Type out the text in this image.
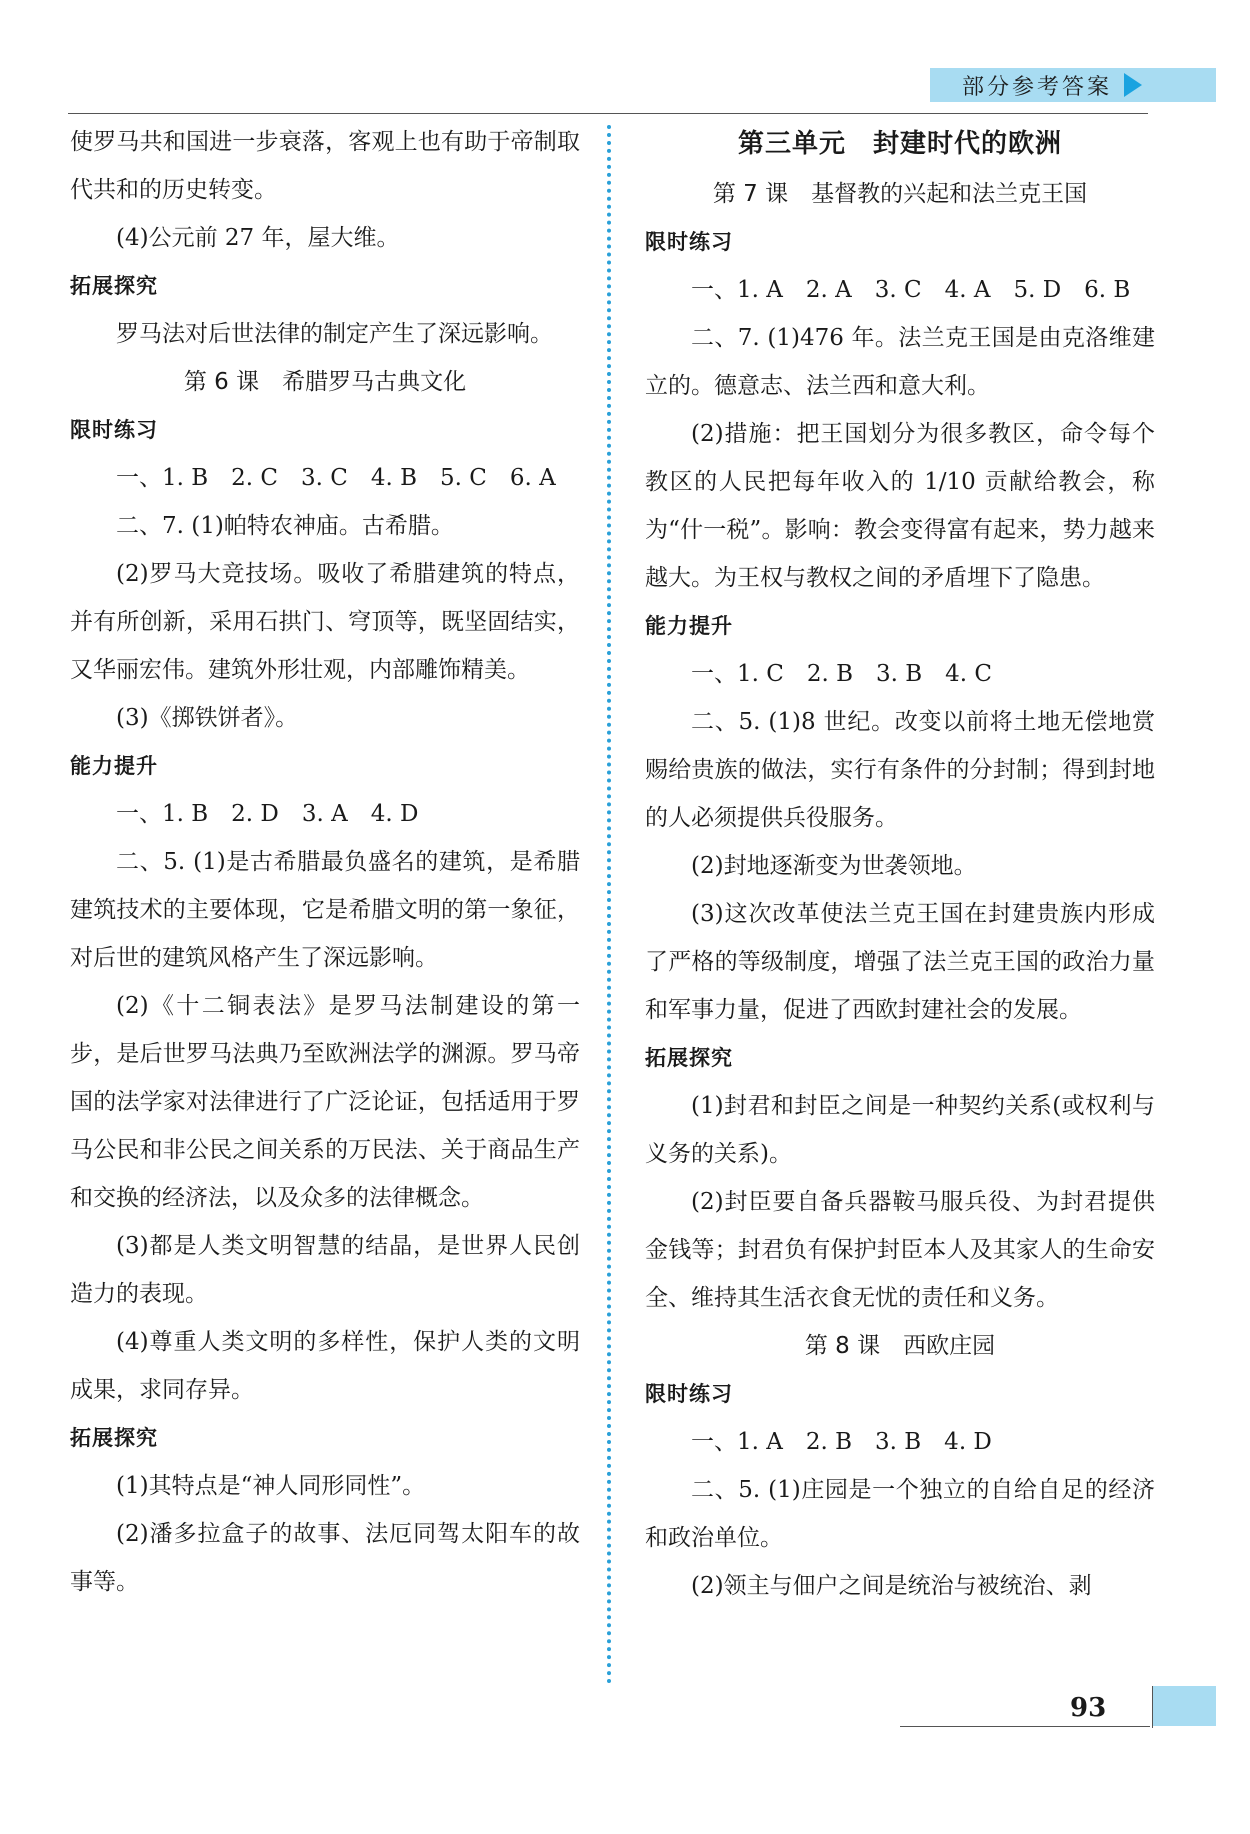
部分参考答案

使罗马共和国进一步衰落，客观上也有助于帝制取代共和的历史转变。

(4)公元前 27 年，屋大维。

拓展探究

罗马法对后世法律的制定产生了深远影响。

第 6 课　希腊罗马古典文化

限时练习

一、1. B　2. C　3. C　4. B　5. C　6. A

二、7. (1)帕特农神庙。古希腊。

(2)罗马大竞技场。吸收了希腊建筑的特点，并有所创新，采用石拱门、穹顶等，既坚固结实，又华丽宏伟。建筑外形壮观，内部雕饰精美。

(3)《掷铁饼者》。

能力提升

一、1. B　2. D　3. A　4. D

二、5. (1)是古希腊最负盛名的建筑，是希腊建筑技术的主要体现，它是希腊文明的第一象征，对后世的建筑风格产生了深远影响。

(2)《十二铜表法》是罗马法制建设的第一步，是后世罗马法典乃至欧洲法学的渊源。罗马帝国的法学家对法律进行了广泛论证，包括适用于罗马公民和非公民之间关系的万民法、关于商品生产和交换的经济法，以及众多的法律概念。

(3)都是人类文明智慧的结晶，是世界人民创造力的表现。

(4)尊重人类文明的多样性，保护人类的文明成果，求同存异。

拓展探究

(1)其特点是“神人同形同性”。

(2)潘多拉盒子的故事、法厄同驾太阳车的故事等。

第三单元　封建时代的欧洲

第 7 课　基督教的兴起和法兰克王国

限时练习

一、1. A　2. A　3. C　4. A　5. D　6. B

二、7. (1)476 年。法兰克王国是由克洛维建立的。德意志、法兰西和意大利。

(2)措施：把王国划分为很多教区，命令每个教区的人民把每年收入的 1/10 贡献给教会，称为“什一税”。影响：教会变得富有起来，势力越来越大。为王权与教权之间的矛盾埋下了隐患。

能力提升

一、1. C　2. B　3. B　4. C

二、5. (1)8 世纪。改变以前将土地无偿地赏赐给贵族的做法，实行有条件的分封制；得到封地的人必须提供兵役服务。

(2)封地逐渐变为世袭领地。

(3)这次改革使法兰克王国在封建贵族内形成了严格的等级制度，增强了法兰克王国的政治力量和军事力量，促进了西欧封建社会的发展。

拓展探究

(1)封君和封臣之间是一种契约关系(或权利与义务的关系)。

(2)封臣要自备兵器鞍马服兵役、为封君提供金钱等；封君负有保护封臣本人及其家人的生命安全、维持其生活衣食无忧的责任和义务。

第 8 课　西欧庄园

限时练习

一、1. A　2. B　3. B　4. D

二、5. (1)庄园是一个独立的自给自足的经济和政治单位。

(2)领主与佃户之间是统治与被统治、剥

93
